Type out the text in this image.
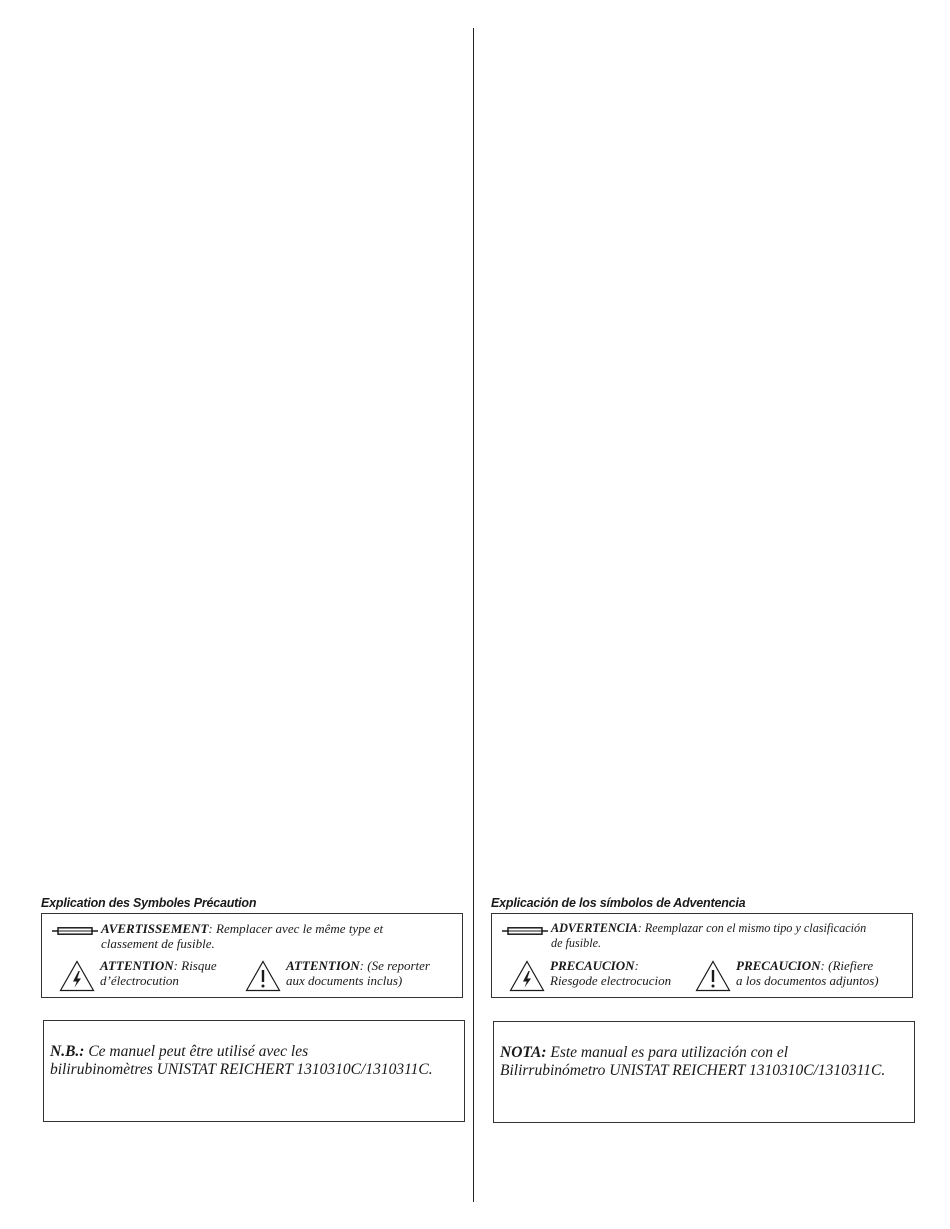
Explication des Symboles Précaution
AVERTISSEMENT: Remplacer avec le même type et
classement de fusible.
ATTENTION: Risque
d’électrocution
ATTENTION: (Se reporter
aux documents inclus)
N.B.: Ce manuel peut être utilisé avec les
bilirubinomètres UNISTAT REICHERT 1310310C/1310311C.
Explicación de los símbolos de Adventencia
ADVERTENCIA: Reemplazar con el mismo tipo y clasificación
de fusible.
PRECAUCION:
Riesgode electrocucion
PRECAUCION: (Riefiere
a los documentos adjuntos)
NOTA: Este manual es para utilización con el
Bilirrubinómetro UNISTAT REICHERT 1310310C/1310311C.
